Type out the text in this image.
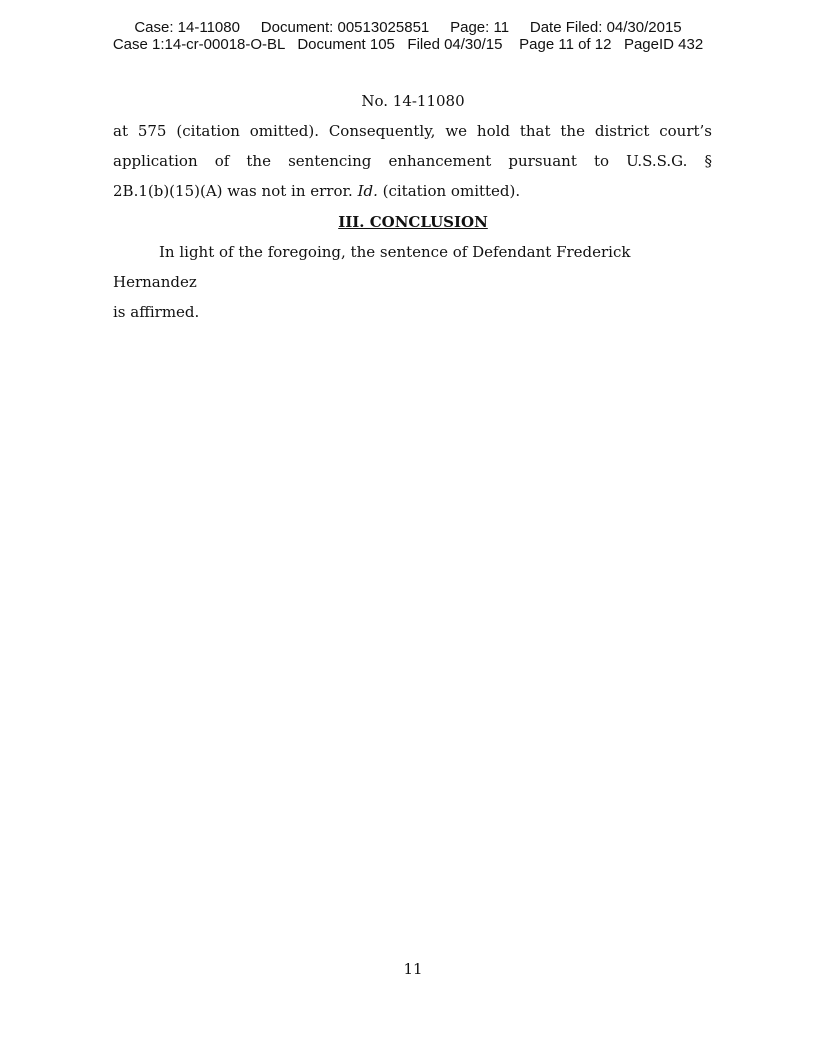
Case: 14-11080     Document: 00513025851     Page: 11     Date Filed: 04/30/2015
Case 1:14-cr-00018-O-BL   Document 105   Filed 04/30/15    Page 11 of 12   PageID 432
No. 14-11080
at 575 (citation omitted). Consequently, we hold that the district court’s
application of the sentencing enhancement pursuant to U.S.S.G. §
2B.1(b)(15)(A) was not in error. Id. (citation omitted).
III. CONCLUSION
In light of the foregoing, the sentence of Defendant Frederick Hernandez
is affirmed.
11
